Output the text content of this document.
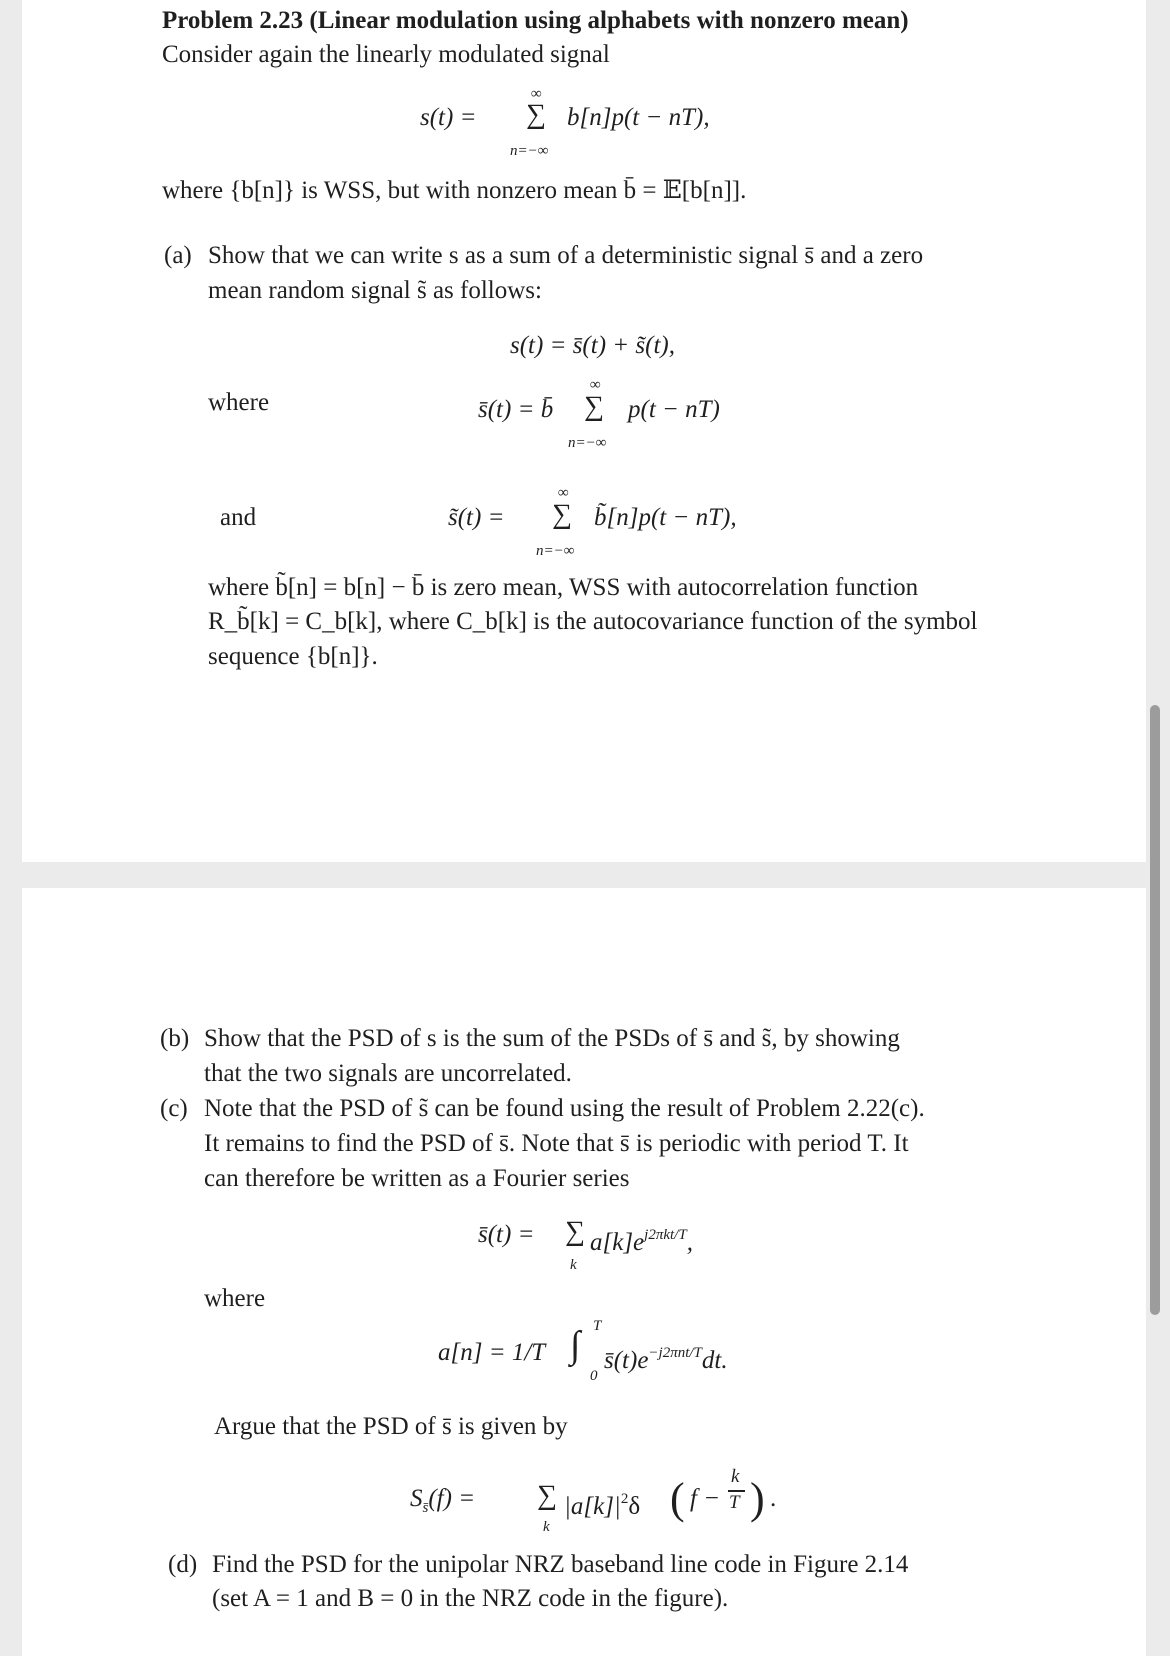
Problem 2.23 (Linear modulation using alphabets with nonzero mean)
Consider again the linearly modulated signal
s(t) =
∞
∑
n=−∞
b[n]p(t − nT),
where {b[n]} is WSS, but with nonzero mean b̄ = 𝔼[b[n]].
(a) Show that we can write s as a sum of a deterministic signal s̄ and a zero
mean random signal s̃ as follows:
s(t) = s̄(t) + s̃(t),
where	s̄(t) = b̄
∞
∑
n=−∞
p(t − nT)
and	s̃(t) =
∞
∑
n=−∞
b̃[n]p(t − nT),
where b̃[n] = b[n] − b̄ is zero mean, WSS with autocorrelation function
R_b̃[k] = C_b[k], where C_b[k] is the autocovariance function of the symbol
sequence {b[n]}.
(b) Show that the PSD of s is the sum of the PSDs of s̄ and s̃, by showing
that the two signals are uncorrelated.
(c) Note that the PSD of s̃ can be found using the result of Problem 2.22(c).
It remains to find the PSD of s̄. Note that s̄ is periodic with period T. It
can therefore be written as a Fourier series
s̄(t) = ∑
k
$a[k]e^{j2\pi kt/T}$,
where
a[n] = 1/T
T
∫
0
$s̄(t)e^{-j2\pi nt/T}dt$.
Argue that the PSD of s̄ is given by
$S_{s̄}(f)$ = ∑
k
$|a[k]|^2\delta$ ( f −
k
T ) .
(d) Find the PSD for the unipolar NRZ baseband line code in Figure 2.14
(set A = 1 and B = 0 in the NRZ code in the figure).
